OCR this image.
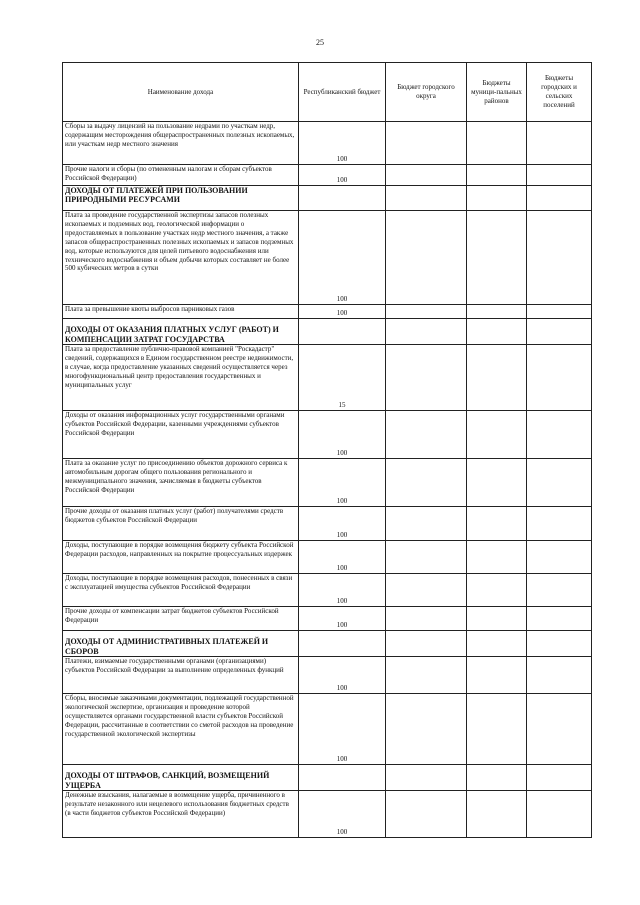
25
Наименование дохода	Республиканский бюджет	Бюджет городского округа	Бюджеты муници-пальных районов	Бюджеты городских и сельских поселений
Сборы за выдачу лицензий на пользование недрами по участкам недр, содержащим месторождения общераспространенных полезных ископаемых, или участкам недр местного значения	100			
Прочие налоги и сборы (по отмененным налогам и сборам субъектов Российской Федерации)	100			
ДОХОДЫ ОТ ПЛАТЕЖЕЙ ПРИ ПОЛЬЗОВАНИИ ПРИРОДНЫМИ РЕСУРСАМИ				
Плата за проведение государственной экспертизы запасов полезных ископаемых и подземных вод, геологической информации о предоставляемых в пользование участках недр местного значения, а также запасов общераспространенных полезных ископаемых и запасов подземных вод, которые используются для целей питьевого водоснабжения или технического водоснабжения и объем добычи которых составляет не более 500 кубических метров в сутки	100			
Плата за превышение квоты выбросов парниковых газов	100			
ДОХОДЫ ОТ ОКАЗАНИЯ ПЛАТНЫХ УСЛУГ (РАБОТ) И КОМПЕНСАЦИИ ЗАТРАТ ГОСУДАРСТВА				
Плата за предоставление публично-правовой компанией "Роскадастр" сведений, содержащихся в Едином государственном реестре недвижимости, в случае, когда предоставление указанных сведений осуществляется через многофункциональный центр предоставления государственных и муниципальных услуг	15			
Доходы от оказания информационных услуг государственными органами субъектов Российской Федерации, казенными учреждениями субъектов Российской Федерации	100			
Плата за оказание услуг по присоединению объектов дорожного сервиса к автомобильным дорогам общего пользования регионального и межмуниципального значения, зачисляемая в бюджеты субъектов Российской Федерации	100			
Прочие доходы от оказания платных услуг (работ) получателями средств бюджетов субъектов Российской Федерации	100			
Доходы, поступающие в порядке возмещения бюджету субъекта Российской Федерации расходов, направленных на покрытие процессуальных издержек	100			
Доходы, поступающие в порядке возмещения расходов, понесенных в связи с эксплуатацией имущества субъектов Российской Федерации	100			
Прочие доходы от компенсации затрат бюджетов субъектов Российской Федерации	100			
ДОХОДЫ ОТ АДМИНИСТРАТИВНЫХ ПЛАТЕЖЕЙ И СБОРОВ				
Платежи, взимаемые государственными органами (организациями) субъектов Российской Федерации за выполнение определенных функций	100			
Сборы, вносимые заказчиками документации, подлежащей государственной экологической экспертизе, организация и проведение которой осуществляется органами государственной власти субъектов Российской Федерации, рассчитанные в соответствии со сметой расходов на проведение государственной экологической экспертизы	100			
ДОХОДЫ ОТ ШТРАФОВ, САНКЦИЙ, ВОЗМЕЩЕНИЙ УЩЕРБА				
Денежные взыскания, налагаемые в возмещение ущерба, причиненного в результате незаконного или нецелевого использования бюджетных средств (в части бюджетов субъектов Российской Федерации)	100			
